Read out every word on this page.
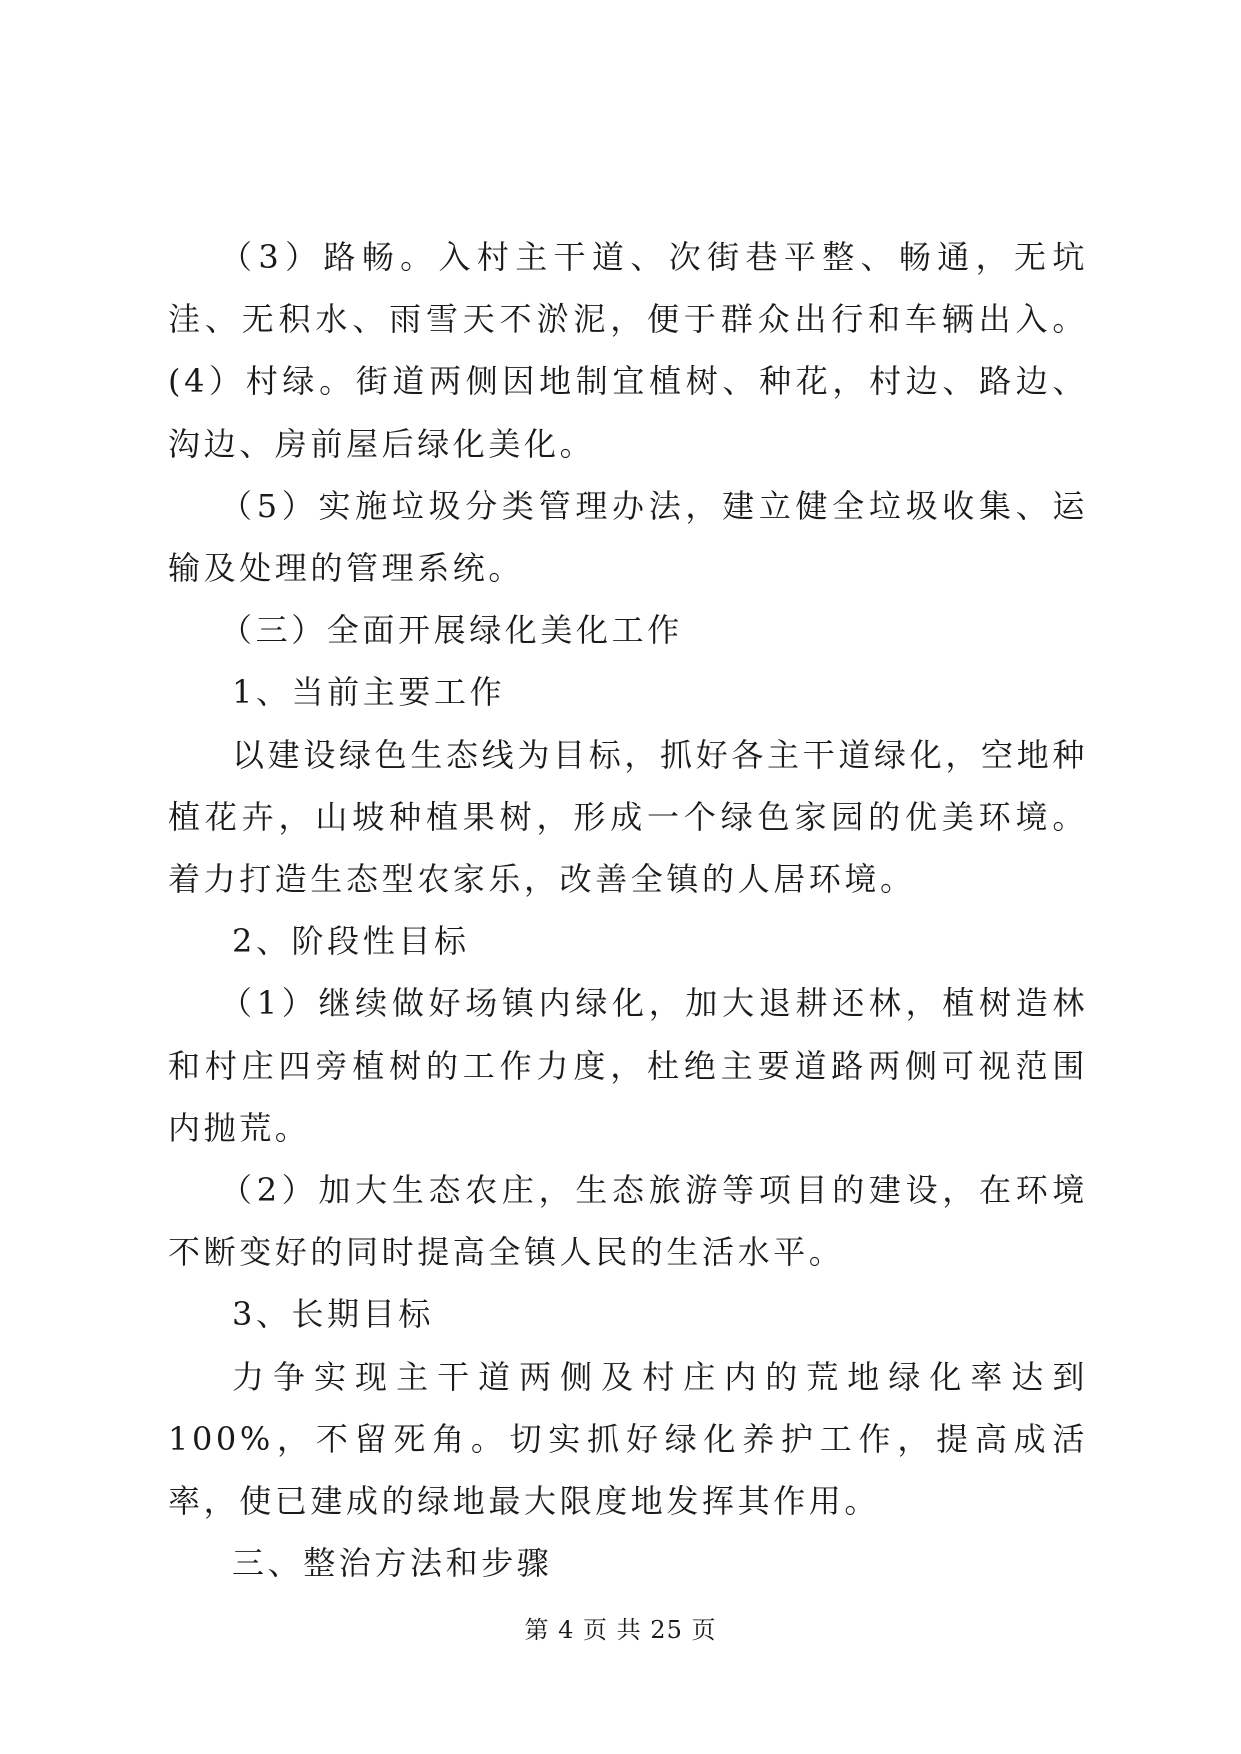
（3）路畅。入村主干道、次街巷平整、畅通，无坑洼、无积水、雨雪天不淤泥，便于群众出行和车辆出入。(4）村绿。街道两侧因地制宜植树、种花，村边、路边、沟边、房前屋后绿化美化。

（5）实施垃圾分类管理办法，建立健全垃圾收集、运输及处理的管理系统。

（三）全面开展绿化美化工作

1、当前主要工作

以建设绿色生态线为目标，抓好各主干道绿化，空地种植花卉，山坡种植果树，形成一个绿色家园的优美环境。着力打造生态型农家乐，改善全镇的人居环境。

2、阶段性目标

（1）继续做好场镇内绿化，加大退耕还林，植树造林和村庄四旁植树的工作力度，杜绝主要道路两侧可视范围内抛荒。

（2）加大生态农庄，生态旅游等项目的建设，在环境不断变好的同时提高全镇人民的生活水平。

3、长期目标

力争实现主干道两侧及村庄内的荒地绿化率达到100%，不留死角。切实抓好绿化养护工作，提高成活率，使已建成的绿地最大限度地发挥其作用。

三、整治方法和步骤

第 4 页 共 25 页
